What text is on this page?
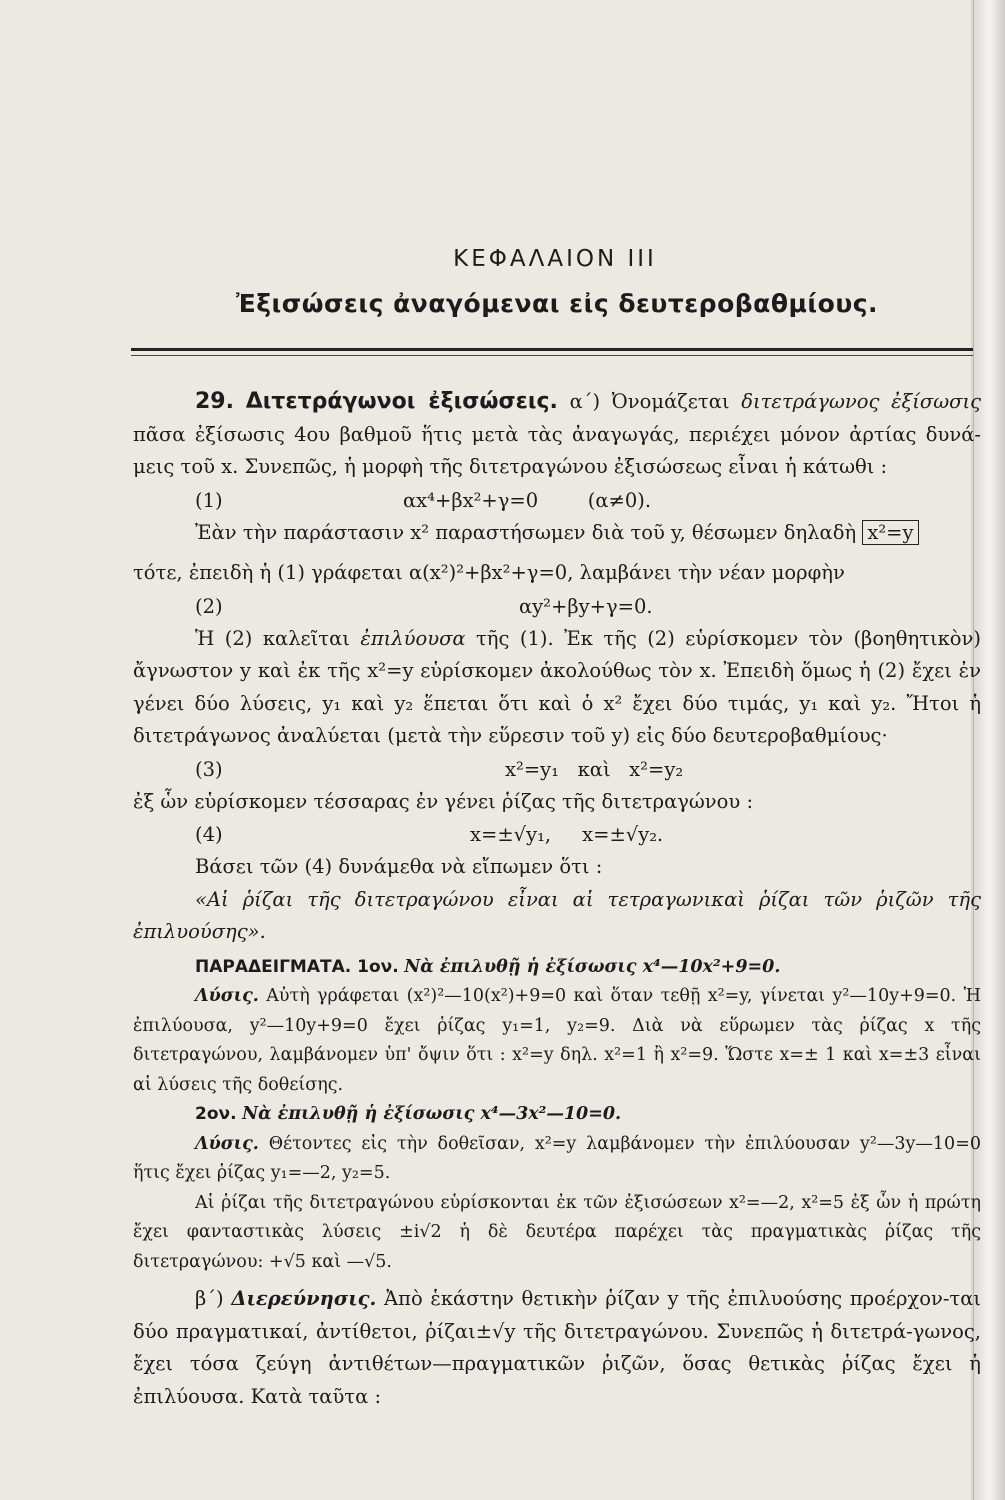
ΚΕΦΑΛΑΙΟΝ III
Ἐξισώσεις ἀναγόμεναι εἰς δευτεροβαθμίους.

29. Διτετράγωνοι ἐξισώσεις. α΄) Ὀνομάζεται διτετράγωνος ἐξίσωσις πᾶσα ἐξίσωσις 4ου βαθμοῦ ἥτις μετὰ τὰς ἀναγωγάς, περιέχει μόνον ἀρτίας δυνά-μεις τοῦ x. Συνεπῶς, ἡ μορφὴ τῆς διτετραγώνου ἐξισώσεως εἶναι ἡ κάτωθι :

(1)	αx⁴+βx²+γ=0        (α≠0).

Ἐὰν τὴν παράστασιν x² παραστήσωμεν διὰ τοῦ y, θέσωμεν δηλαδὴ x²=y

τότε, ἐπειδὴ ἡ (1) γράφεται α(x²)²+βx²+γ=0, λαμβάνει τὴν νέαν μορφὴν

(2)	αy²+βy+γ=0.

Ἡ (2) καλεῖται ἐπιλύουσα τῆς (1). Ἐκ τῆς (2) εὑρίσκομεν τὸν (βοηθητικὸν) ἄγνωστον y καὶ ἐκ τῆς x²=y εὑρίσκομεν ἀκολούθως τὸν x. Ἐπειδὴ ὅμως ἡ (2) ἔχει ἐν γένει δύο λύσεις, y₁ καὶ y₂ ἕπεται ὅτι καὶ ὁ x² ἔχει δύο τιμάς, y₁ καὶ y₂. Ἤτοι ἡ διτετράγωνος ἀναλύεται (μετὰ τὴν εὕρεσιν τοῦ y) εἰς δύο δευτεροβαθμίους·

(3)	x²=y₁   καὶ   x²=y₂

ἐξ ὧν εὑρίσκομεν τέσσαρας ἐν γένει ῥίζας τῆς διτετραγώνου :

(4)	x=±√y₁,     x=±√y₂.

Βάσει τῶν (4) δυνάμεθα νὰ εἴπωμεν ὅτι :

«Αἱ ῥίζαι τῆς διτετραγώνου εἶναι αἱ τετραγωνικαὶ ῥίζαι τῶν ῥιζῶν τῆς ἐπιλυούσης».

ΠΑΡΑΔΕΙΓΜΑΤΑ. 1ον. Νὰ ἐπιλυθῇ ἡ ἐξίσωσις x⁴—10x²+9=0.

Λύσις. Αὐτὴ γράφεται (x²)²—10(x²)+9=0 καὶ ὅταν τεθῇ x²=y, γίνεται y²—10y+9=0. Ἡ ἐπιλύουσα, y²—10y+9=0 ἔχει ῥίζας y₁=1, y₂=9. Διὰ νὰ εὕρωμεν τὰς ῥίζας x τῆς διτετραγώνου, λαμβάνομεν ὑπ' ὄψιν ὅτι : x²=y δηλ. x²=1 ἢ x²=9. Ὥστε x=± 1 καὶ x=±3 εἶναι αἱ λύσεις τῆς δοθείσης.

2ον. Νὰ ἐπιλυθῇ ἡ ἐξίσωσις x⁴—3x²—10=0.

Λύσις. Θέτοντες εἰς τὴν δοθεῖσαν, x²=y λαμβάνομεν τὴν ἐπιλύουσαν y²—3y—10=0 ἥτις ἔχει ῥίζας y₁=—2, y₂=5.

Αἱ ῥίζαι τῆς διτετραγώνου εὑρίσκονται ἐκ τῶν ἐξισώσεων x²=—2, x²=5 ἐξ ὧν ἡ πρώτη ἔχει φανταστικὰς λύσεις ±i√2 ἡ δὲ δευτέρα παρέχει τὰς πραγματικὰς ῥίζας τῆς διτετραγώνου: +√5 καὶ —√5.

β΄) Διερεύνησις. Ἀπὸ ἑκάστην θετικὴν ῥίζαν y τῆς ἐπιλυούσης προέρχον-ται δύο πραγματικαί, ἀντίθετοι, ῥίζαι±√y τῆς διτετραγώνου. Συνεπῶς ἡ διτετρά-γωνος, ἔχει τόσα ζεύγη ἀντιθέτων—πραγματικῶν ῥιζῶν, ὅσας θετικὰς ῥίζας ἔχει ἡ ἐπιλύουσα. Κατὰ ταῦτα :
